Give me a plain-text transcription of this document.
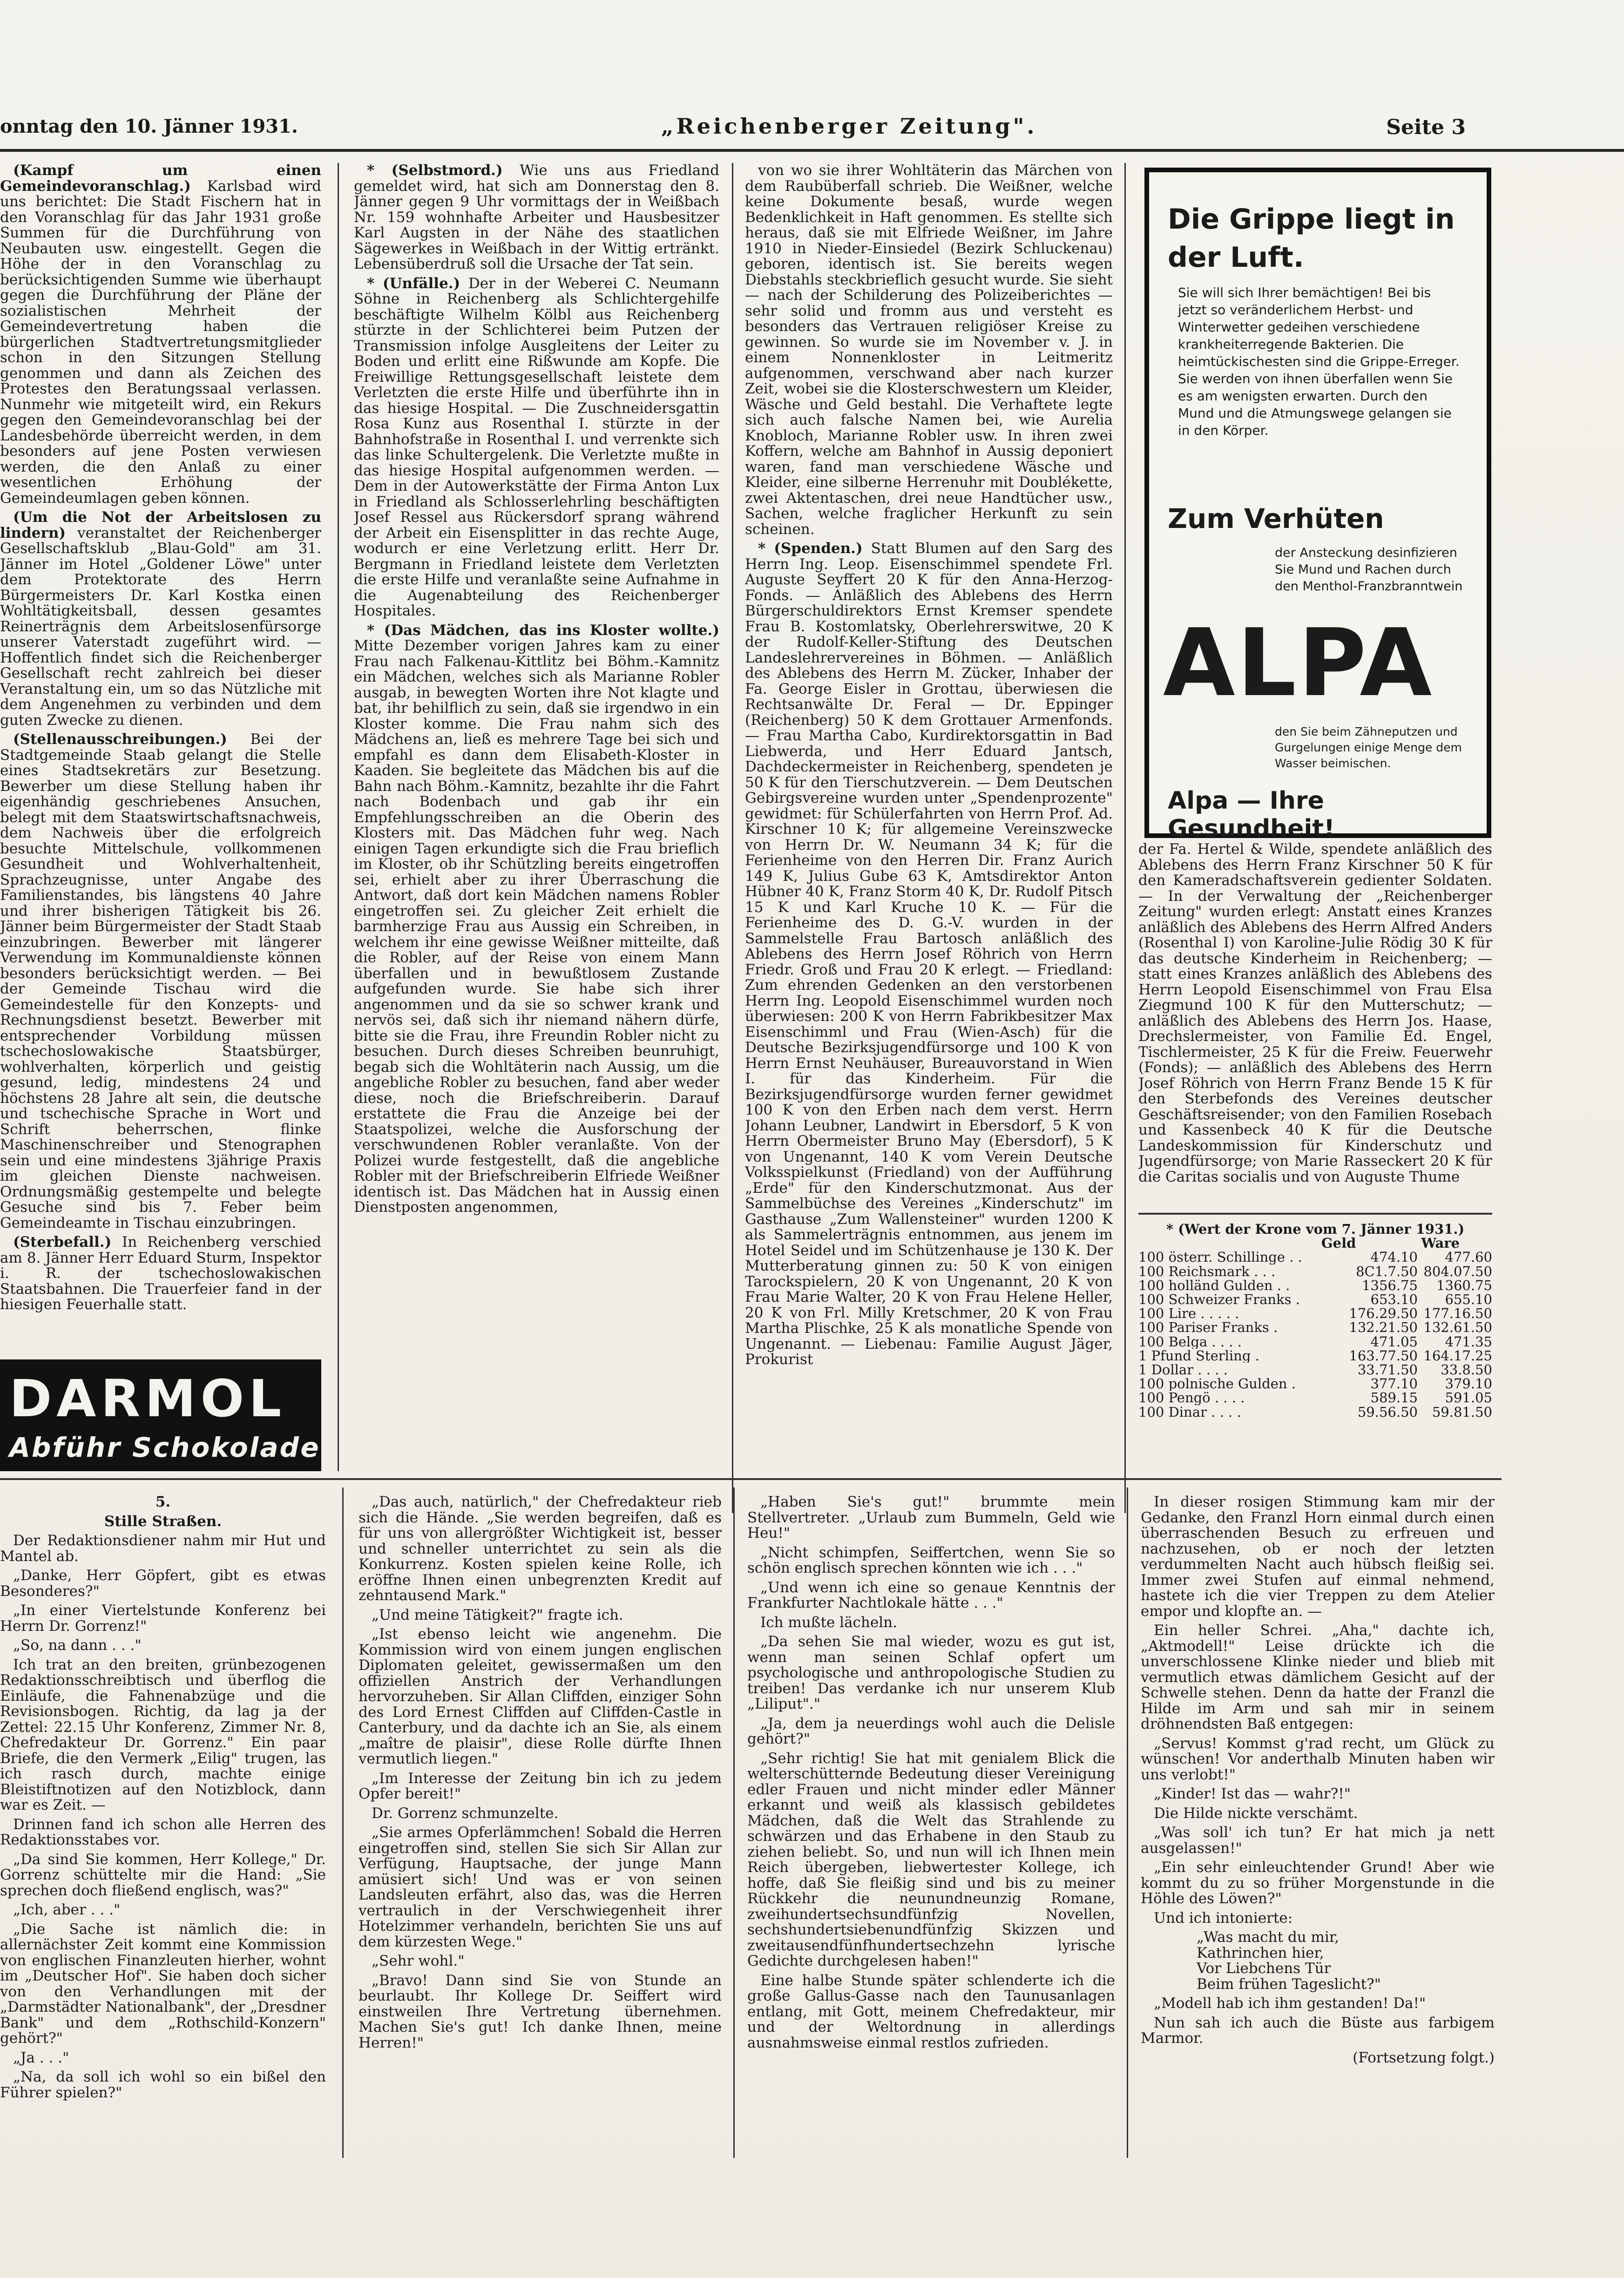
onntag den 10. Jänner 1931.	„Reichenberger Zeitung".	Seite 3

(Kampf um einen Gemeindevoranschlag.) Karlsbad wird uns berichtet: Die Stadt Fischern hat in den Voranschlag für das Jahr 1931 große Summen für die Durchführung von Neubauten usw. eingestellt. Gegen die Höhe der in den Voranschlag zu berücksichtigenden Summe wie überhaupt gegen die Durchführung der Pläne der sozialistischen Mehrheit der Gemeindevertretung haben die bürgerlichen Stadtvertretungsmitglieder schon in den Sitzungen Stellung genommen und dann als Zeichen des Protestes den Beratungssaal verlassen. Nunmehr wie mitgeteilt wird, ein Rekurs gegen den Gemeindevoranschlag bei der Landesbehörde überreicht werden, in dem besonders auf jene Posten verwiesen werden, die den Anlaß zu einer wesentlichen Erhöhung der Gemeindeumlagen geben können.

(Um die Not der Arbeitslosen zu lindern) veranstaltet der Reichenberger Gesellschaftsklub „Blau-Gold" am 31. Jänner im Hotel „Goldener Löwe" unter dem Protektorate des Herrn Bürgermeisters Dr. Karl Kostka einen Wohltätigkeitsball, dessen gesamtes Reinerträgnis dem Arbeitslosenfürsorge unserer Vaterstadt zugeführt wird. — Hoffentlich findet sich die Reichenberger Gesellschaft recht zahlreich bei dieser Veranstaltung ein, um so das Nützliche mit dem Angenehmen zu verbinden und dem guten Zwecke zu dienen.

(Stellenausschreibungen.) Bei der Stadtgemeinde Staab gelangt die Stelle eines Stadtsekretärs zur Besetzung. Bewerber um diese Stellung haben ihr eigenhändig geschriebenes Ansuchen, belegt mit dem Staatswirtschaftsnachweis, dem Nachweis über die erfolgreich besuchte Mittelschule, vollkommenen Gesundheit und Wohlverhaltenheit, Sprachzeugnisse, unter Angabe des Familienstandes, bis längstens 40 Jahre und ihrer bisherigen Tätigkeit bis 26. Jänner beim Bürgermeister der Stadt Staab einzubringen. Bewerber mit längerer Verwendung im Kommunaldienste können besonders berücksichtigt werden. — Bei der Gemeinde Tischau wird die Gemeindestelle für den Konzepts- und Rechnungsdienst besetzt. Bewerber mit entsprechender Vorbildung müssen tschechoslowakische Staatsbürger, wohlverhalten, körperlich und geistig gesund, ledig, mindestens 24 und höchstens 28 Jahre alt sein, die deutsche und tschechische Sprache in Wort und Schrift beherrschen, flinke Maschinenschreiber und Stenographen sein und eine mindestens 3jährige Praxis im gleichen Dienste nachweisen. Ordnungsmäßig gestempelte und belegte Gesuche sind bis 7. Feber beim Gemeindeamte in Tischau einzubringen.

(Sterbefall.) In Reichenberg verschied am 8. Jänner Herr Eduard Sturm, Inspektor i. R. der tschechoslowakischen Staatsbahnen. Die Trauerfeier fand in der hiesigen Feuerhalle statt.

* (Selbstmord.) Wie uns aus Friedland gemeldet wird, hat sich am Donnerstag den 8. Jänner gegen 9 Uhr vormittags der in Weißbach Nr. 159 wohnhafte Arbeiter und Hausbesitzer Karl Augsten in der Nähe des staatlichen Sägewerkes in Weißbach in der Wittig ertränkt. Lebensüberdruß soll die Ursache der Tat sein.

* (Unfälle.) Der in der Weberei C. Neumann Söhne in Reichenberg als Schlichtergehilfe beschäftigte Wilhelm Kölbl aus Reichenberg stürzte in der Schlichterei beim Putzen der Transmission infolge Ausgleitens der Leiter zu Boden und erlitt eine Rißwunde am Kopfe. Die Freiwillige Rettungsgesellschaft leistete dem Verletzten die erste Hilfe und überführte ihn in das hiesige Hospital. — Die Zuschneidersgattin Rosa Kunz aus Rosenthal I. stürzte in der Bahnhofstraße in Rosenthal I. und verrenkte sich das linke Schultergelenk. Die Verletzte mußte in das hiesige Hospital aufgenommen werden. — Dem in der Autowerkstätte der Firma Anton Lux in Friedland als Schlosserlehrling beschäftigten Josef Ressel aus Rückersdorf sprang während der Arbeit ein Eisensplitter in das rechte Auge, wodurch er eine Verletzung erlitt. Herr Dr. Bergmann in Friedland leistete dem Verletzten die erste Hilfe und veranlaßte seine Aufnahme in die Augenabteilung des Reichenberger Hospitales.

* (Das Mädchen, das ins Kloster wollte.) Mitte Dezember vorigen Jahres kam zu einer Frau nach Falkenau-Kittlitz bei Böhm.-Kamnitz ein Mädchen, welches sich als Marianne Robler ausgab, in bewegten Worten ihre Not klagte und bat, ihr behilflich zu sein, daß sie irgendwo in ein Kloster komme. Die Frau nahm sich des Mädchens an, ließ es mehrere Tage bei sich und empfahl es dann dem Elisabeth-Kloster in Kaaden. Sie begleitete das Mädchen bis auf die Bahn nach Böhm.-Kamnitz, bezahlte ihr die Fahrt nach Bodenbach und gab ihr ein Empfehlungsschreiben an die Oberin des Klosters mit. Das Mädchen fuhr weg. Nach einigen Tagen erkundigte sich die Frau brieflich im Kloster, ob ihr Schützling bereits eingetroffen sei, erhielt aber zu ihrer Überraschung die Antwort, daß dort kein Mädchen namens Robler eingetroffen sei. Zu gleicher Zeit erhielt die barmherzige Frau aus Aussig ein Schreiben, in welchem ihr eine gewisse Weißner mitteilte, daß die Robler, auf der Reise von einem Mann überfallen und in bewußtlosem Zustande aufgefunden wurde. Sie habe sich ihrer angenommen und da sie so schwer krank und nervös sei, daß sich ihr niemand nähern dürfe, bitte sie die Frau, ihre Freundin Robler nicht zu besuchen. Durch dieses Schreiben beunruhigt, begab sich die Wohltäterin nach Aussig, um die angebliche Robler zu besuchen, fand aber weder diese, noch die Briefschreiberin. Darauf erstattete die Frau die Anzeige bei der Staatspolizei, welche die Ausforschung der verschwundenen Robler veranlaßte. Von der Polizei wurde festgestellt, daß die angebliche Robler mit der Briefschreiberin Elfriede Weißner identisch ist. Das Mädchen hat in Aussig einen Dienstposten angenommen,

von wo sie ihrer Wohltäterin das Märchen von dem Raubüberfall schrieb. Die Weißner, welche keine Dokumente besaß, wurde wegen Bedenklichkeit in Haft genommen. Es stellte sich heraus, daß sie mit Elfriede Weißner, im Jahre 1910 in Nieder-Einsiedel (Bezirk Schluckenau) geboren, identisch ist. Sie bereits wegen Diebstahls steckbrieflich gesucht wurde. Sie sieht — nach der Schilderung des Polizeiberichtes — sehr solid und fromm aus und versteht es besonders das Vertrauen religiöser Kreise zu gewinnen. So wurde sie im November v. J. in einem Nonnenkloster in Leitmeritz aufgenommen, verschwand aber nach kurzer Zeit, wobei sie die Klosterschwestern um Kleider, Wäsche und Geld bestahl. Die Verhaftete legte sich auch falsche Namen bei, wie Aurelia Knobloch, Marianne Robler usw. In ihren zwei Koffern, welche am Bahnhof in Aussig deponiert waren, fand man verschiedene Wäsche und Kleider, eine silberne Herrenuhr mit Doublékette, zwei Aktentaschen, drei neue Handtücher usw., Sachen, welche fraglicher Herkunft zu sein scheinen.

* (Spenden.) Statt Blumen auf den Sarg des Herrn Ing. Leop. Eisenschimmel spendete Frl. Auguste Seyffert 20 K für den Anna-Herzog-Fonds. — Anläßlich des Ablebens des Herrn Bürgerschuldirektors Ernst Kremser spendete Frau B. Kostomlatsky, Oberlehrerswitwe, 20 K der Rudolf-Keller-Stiftung des Deutschen Landeslehrervereines in Böhmen. — Anläßlich des Ablebens des Herrn M. Zücker, Inhaber der Fa. George Eisler in Grottau, überwiesen die Rechtsanwälte Dr. Feral — Dr. Eppinger (Reichenberg) 50 K dem Grottauer Armenfonds. — Frau Martha Cabo, Kurdirektorsgattin in Bad Liebwerda, und Herr Eduard Jantsch, Dachdeckermeister in Reichenberg, spendeten je 50 K für den Tierschutzverein. — Dem Deutschen Gebirgsvereine wurden unter „Spendenprozente" gewidmet: für Schülerfahrten von Herrn Prof. Ad. Kirschner 10 K; für allgemeine Vereinszwecke von Herrn Dr. W. Neumann 34 K; für die Ferienheime von den Herren Dir. Franz Aurich 149 K, Julius Gube 63 K, Amtsdirektor Anton Hübner 40 K, Franz Storm 40 K, Dr. Rudolf Pitsch 15 K und Karl Kruche 10 K. — Für die Ferienheime des D. G.-V. wurden in der Sammelstelle Frau Bartosch anläßlich des Ablebens des Herrn Josef Röhrich von Herrn Friedr. Groß und Frau 20 K erlegt. — Friedland: Zum ehrenden Gedenken an den verstorbenen Herrn Ing. Leopold Eisenschimmel wurden noch überwiesen: 200 K von Herrn Fabrikbesitzer Max Eisenschimml und Frau (Wien-Asch) für die Deutsche Bezirksjugendfürsorge und 100 K von Herrn Ernst Neuhäuser, Bureauvorstand in Wien I. für das Kinderheim. Für die Bezirksjugendfürsorge wurden ferner gewidmet 100 K von den Erben nach dem verst. Herrn Johann Leubner, Landwirt in Ebersdorf, 5 K von Herrn Obermeister Bruno May (Ebersdorf), 5 K von Ungenannt, 140 K vom Verein Deutsche Volksspielkunst (Friedland) von der Aufführung „Erde" für den Kinderschutzmonat. Aus der Sammelbüchse des Vereines „Kinderschutz" im Gasthause „Zum Wallensteiner" wurden 1200 K als Sammelerträgnis entnommen, aus jenem im Hotel Seidel und im Schützenhause je 130 K. Der Mutterberatung ginnen zu: 50 K von einigen Tarockspielern, 20 K von Ungenannt, 20 K von Frau Marie Walter, 20 K von Frau Helene Heller, 20 K von Frl. Milly Kretschmer, 20 K von Frau Martha Plischke, 25 K als monatliche Spende von Ungenannt. — Liebenau: Familie August Jäger, Prokurist

Die Grippe liegt in der Luft.
Sie will sich Ihrer bemächtigen! Bei bis jetzt so veränderlichem Herbst- und Winterwetter gedeihen verschiedene krankheiterregende Bakterien. Die heimtückischesten sind die Grippe-Erreger. Sie werden von ihnen überfallen wenn Sie es am wenigsten erwarten. Durch den Mund und die Atmungswege gelangen sie in den Körper.
Zum Verhüten
der Ansteckung desinfizieren Sie Mund und Rachen durch den Menthol-Franzbranntwein
ALPA
den Sie beim Zähneputzen und Gurgelungen einige Menge dem Wasser beimischen.
Alpa — Ihre Gesundheit!

der Fa. Hertel & Wilde, spendete anläßlich des Ablebens des Herrn Franz Kirschner 50 K für den Kameradschaftsverein gedienter Soldaten. — In der Verwaltung der „Reichenberger Zeitung" wurden erlegt: Anstatt eines Kranzes anläßlich des Ablebens des Herrn Alfred Anders (Rosenthal I) von Karoline-Julie Rödig 30 K für das deutsche Kinderheim in Reichenberg; — statt eines Kranzes anläßlich des Ablebens des Herrn Leopold Eisenschimmel von Frau Elsa Ziegmund 100 K für den Mutterschutz; — anläßlich des Ablebens des Herrn Jos. Haase, Drechslermeister, von Familie Ed. Engel, Tischlermeister, 25 K für die Freiw. Feuerwehr (Fonds); — anläßlich des Ablebens des Herrn Josef Röhrich von Herrn Franz Bende 15 K für den Sterbefonds des Vereines deutscher Geschäftsreisender; von den Familien Rosebach und Kassenbeck 40 K für die Deutsche Landeskommission für Kinderschutz und Jugendfürsorge; von Marie Rasseckert 20 K für die Caritas socialis und von Auguste Thume

* (Wert der Krone vom 7. Jänner 1931.)
Geld	Ware
100 österr. Schillinge . .	474.10	477.60
100 Reichsmark . . .	8C1.7.50 804.07.50
100 holländ Gulden . .	1356.75	1360.75
100 Schweizer Franks .	653.10	655.10
100 Lire . . . . .	176.29.50 177.16.50
100 Pariser Franks .	132.21.50 132.61.50
100 Belga . . . .	471.05	471.35
1 Pfund Sterling .	163.77.50 164.17.25
1 Dollar . . . .	33.71.50	33.8.50
100 polnische Gulden .	377.10	379.10
100 Pengö . . . .	589.15	591.05
100 Dinar . . . .	59.56.50	59.81.50
DARMOL
Abführ Schokolade

5.

Stille Straßen.

Der Redaktionsdiener nahm mir Hut und Mantel ab.

„Danke, Herr Göpfert, gibt es etwas Besonderes?"

„In einer Viertelstunde Konferenz bei Herrn Dr. Gorrenz!"

„So, na dann . . ."

Ich trat an den breiten, grünbezogenen Redaktionsschreibtisch und überflog die Einläufe, die Fahnenabzüge und die Revisionsbogen. Richtig, da lag ja der Zettel: 22.15 Uhr Konferenz, Zimmer Nr. 8, Chefredakteur Dr. Gorrenz." Ein paar Briefe, die den Vermerk „Eilig" trugen, las ich rasch durch, machte einige Bleistiftnotizen auf den Notizblock, dann war es Zeit. —

Drinnen fand ich schon alle Herren des Redaktionsstabes vor.

„Da sind Sie kommen, Herr Kollege," Dr. Gorrenz schüttelte mir die Hand: „Sie sprechen doch fließend englisch, was?"

„Ich, aber . . ."

„Die Sache ist nämlich die: in allernächster Zeit kommt eine Kommission von englischen Finanzleuten hierher, wohnt im „Deutscher Hof". Sie haben doch sicher von den Verhandlungen mit der „Darmstädter Nationalbank", der „Dresdner Bank" und dem „Rothschild-Konzern" gehört?"

„Ja . . ."

„Na, da soll ich wohl so ein bißel den Führer spielen?"

„Das auch, natürlich," der Chefredakteur rieb sich die Hände. „Sie werden begreifen, daß es für uns von allergrößter Wichtigkeit ist, besser und schneller unterrichtet zu sein als die Konkurrenz. Kosten spielen keine Rolle, ich eröffne Ihnen einen unbegrenzten Kredit auf zehntausend Mark."

„Und meine Tätigkeit?" fragte ich.

„Ist ebenso leicht wie angenehm. Die Kommission wird von einem jungen englischen Diplomaten geleitet, gewissermaßen um den offiziellen Anstrich der Verhandlungen hervorzuheben. Sir Allan Cliffden, einziger Sohn des Lord Ernest Cliffden auf Cliffden-Castle in Canterbury, und da dachte ich an Sie, als einem „maître de plaisir", diese Rolle dürfte Ihnen vermutlich liegen."

„Im Interesse der Zeitung bin ich zu jedem Opfer bereit!"

Dr. Gorrenz schmunzelte.

„Sie armes Opferlämmchen! Sobald die Herren eingetroffen sind, stellen Sie sich Sir Allan zur Verfügung, Hauptsache, der junge Mann amüsiert sich! Und was er von seinen Landsleuten erfährt, also das, was die Herren vertraulich in der Verschwiegenheit ihrer Hotelzimmer verhandeln, berichten Sie uns auf dem kürzesten Wege."

„Sehr wohl."

„Bravo! Dann sind Sie von Stunde an beurlaubt. Ihr Kollege Dr. Seiffert wird einstweilen Ihre Vertretung übernehmen. Machen Sie's gut! Ich danke Ihnen, meine Herren!"

„Haben Sie's gut!" brummte mein Stellvertreter. „Urlaub zum Bummeln, Geld wie Heu!"

„Nicht schimpfen, Seiffertchen, wenn Sie so schön englisch sprechen könnten wie ich . . ."

„Und wenn ich eine so genaue Kenntnis der Frankfurter Nachtlokale hätte . . ."

Ich mußte lächeln.

„Da sehen Sie mal wieder, wozu es gut ist, wenn man seinen Schlaf opfert um psychologische und anthropologische Studien zu treiben! Das verdanke ich nur unserem Klub „Liliput"."

„Ja, dem ja neuerdings wohl auch die Delisle gehört?"

„Sehr richtig! Sie hat mit genialem Blick die welterschütternde Bedeutung dieser Vereinigung edler Frauen und nicht minder edler Männer erkannt und weiß als klassisch gebildetes Mädchen, daß die Welt das Strahlende zu schwärzen und das Erhabene in den Staub zu ziehen beliebt. So, und nun will ich Ihnen mein Reich übergeben, liebwertester Kollege, ich hoffe, daß Sie fleißig sind und bis zu meiner Rückkehr die neunundneunzig Romane, zweihundertsechsundfünfzig Novellen, sechshundertsiebenundfünfzig Skizzen und zweitausendfünfhundertsechzehn lyrische Gedichte durchgelesen haben!"

Eine halbe Stunde später schlenderte ich die große Gallus-Gasse nach den Taunusanlagen entlang, mit Gott, meinem Chefredakteur, mir und der Weltordnung in allerdings ausnahmsweise einmal restlos zufrieden.

In dieser rosigen Stimmung kam mir der Gedanke, den Franzl Horn einmal durch einen überraschenden Besuch zu erfreuen und nachzusehen, ob er noch der letzten verdummelten Nacht auch hübsch fleißig sei. Immer zwei Stufen auf einmal nehmend, hastete ich die vier Treppen zu dem Atelier empor und klopfte an. —

Ein heller Schrei. „Aha," dachte ich, „Aktmodell!" Leise drückte ich die unverschlossene Klinke nieder und blieb mit vermutlich etwas dämlichem Gesicht auf der Schwelle stehen. Denn da hatte der Franzl die Hilde im Arm und sah mir in seinem dröhnendsten Baß entgegen:

„Servus! Kommst g'rad recht, um Glück zu wünschen! Vor anderthalb Minuten haben wir uns verlobt!"

„Kinder! Ist das — wahr?!"

Die Hilde nickte verschämt.

„Was soll' ich tun? Er hat mich ja nett ausgelassen!"

„Ein sehr einleuchtender Grund! Aber wie kommt du zu so früher Morgenstunde in die Höhle des Löwen?"

Und ich intonierte:

„Was macht du mir,
Kathrinchen hier,
Vor Liebchens Tür
Beim frühen Tageslicht?"

„Modell hab ich ihm gestanden! Da!"

Nun sah ich auch die Büste aus farbigem Marmor.

(Fortsetzung folgt.)
